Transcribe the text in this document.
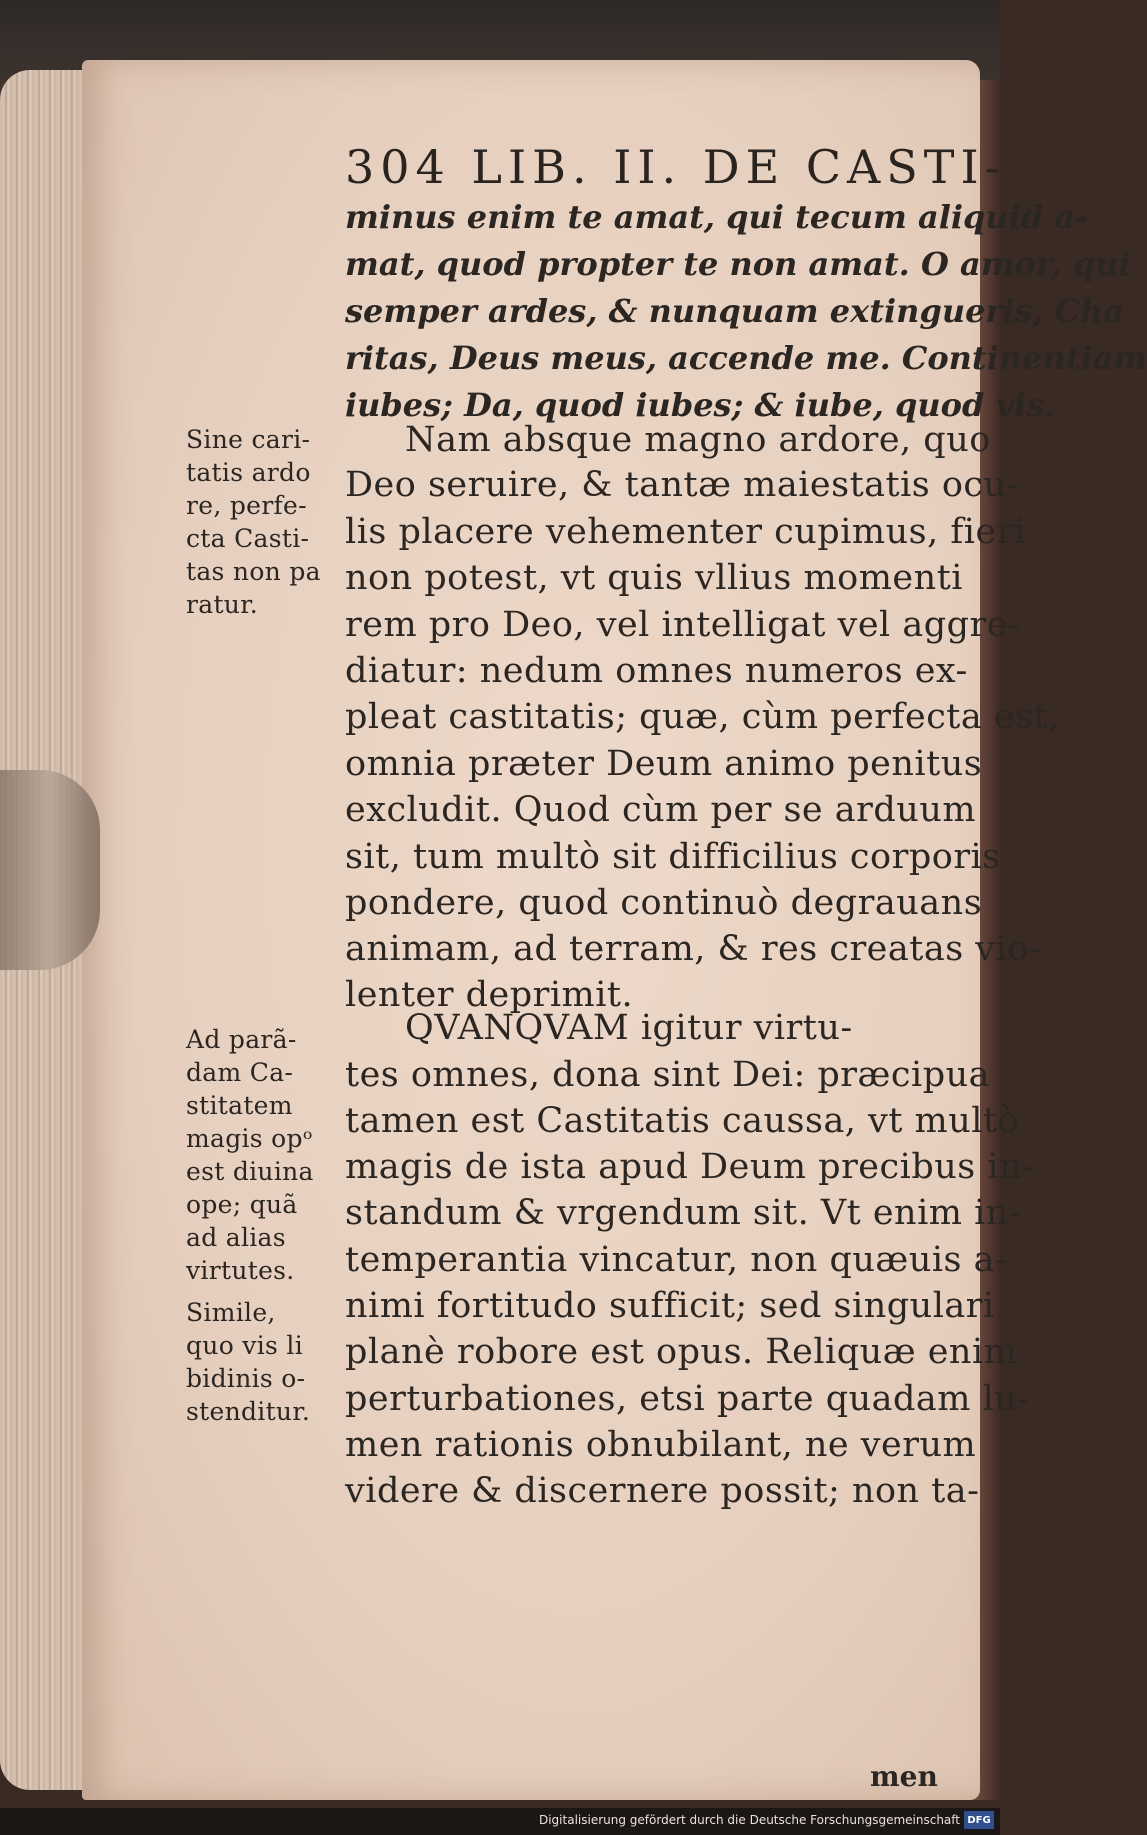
304 LIB. II. DE CASTI-
minus enim te amat, qui tecum aliquid a-
mat, quod propter te non amat. O amor, qui
semper ardes, & nunquam extingueris, Cha
ritas, Deus meus, accende me. Continentiam
iubes; Da, quod iubes; & iube, quod vis.
Nam absque magno ardore, quo
Deo seruire, & tantæ maiestatis ocu-
lis placere vehementer cupimus, fieri
non potest, vt quis vllius momenti
rem pro Deo, vel intelligat vel aggre-
diatur: nedum omnes numeros ex-
pleat castitatis; quæ, cùm perfecta est,
omnia præter Deum animo penitus
excludit. Quod cùm per se arduum
sit, tum multò sit difficilius corporis
pondere, quod continuò degrauans
animam, ad terram, & res creatas vio-
lenter deprimit.
QVANQVAM igitur virtu-
tes omnes, dona sint Dei: præcipua
tamen est Castitatis caussa, vt multò
magis de ista apud Deum precibus in-
standum & vrgendum sit. Vt enim in-
temperantia vincatur, non quæuis a-
nimi fortitudo sufficit; sed singulari
planè robore est opus. Reliquæ enim
perturbationes, etsi parte quadam lu-
men rationis obnubilant, ne verum
videre & discernere possit; non ta-
Sine cari-
tatis ardo
re, perfe-
cta Casti-
tas non pa
ratur.
Ad parã-
dam Ca-
stitatem
magis opᵒ
est diuina
ope; quã
ad alias
virtutes.
Simile,
quo vis li
bidinis o-
stenditur.
men
Digitalisierung gefördert durch die Deutsche Forschungsgemeinschaft DFG
